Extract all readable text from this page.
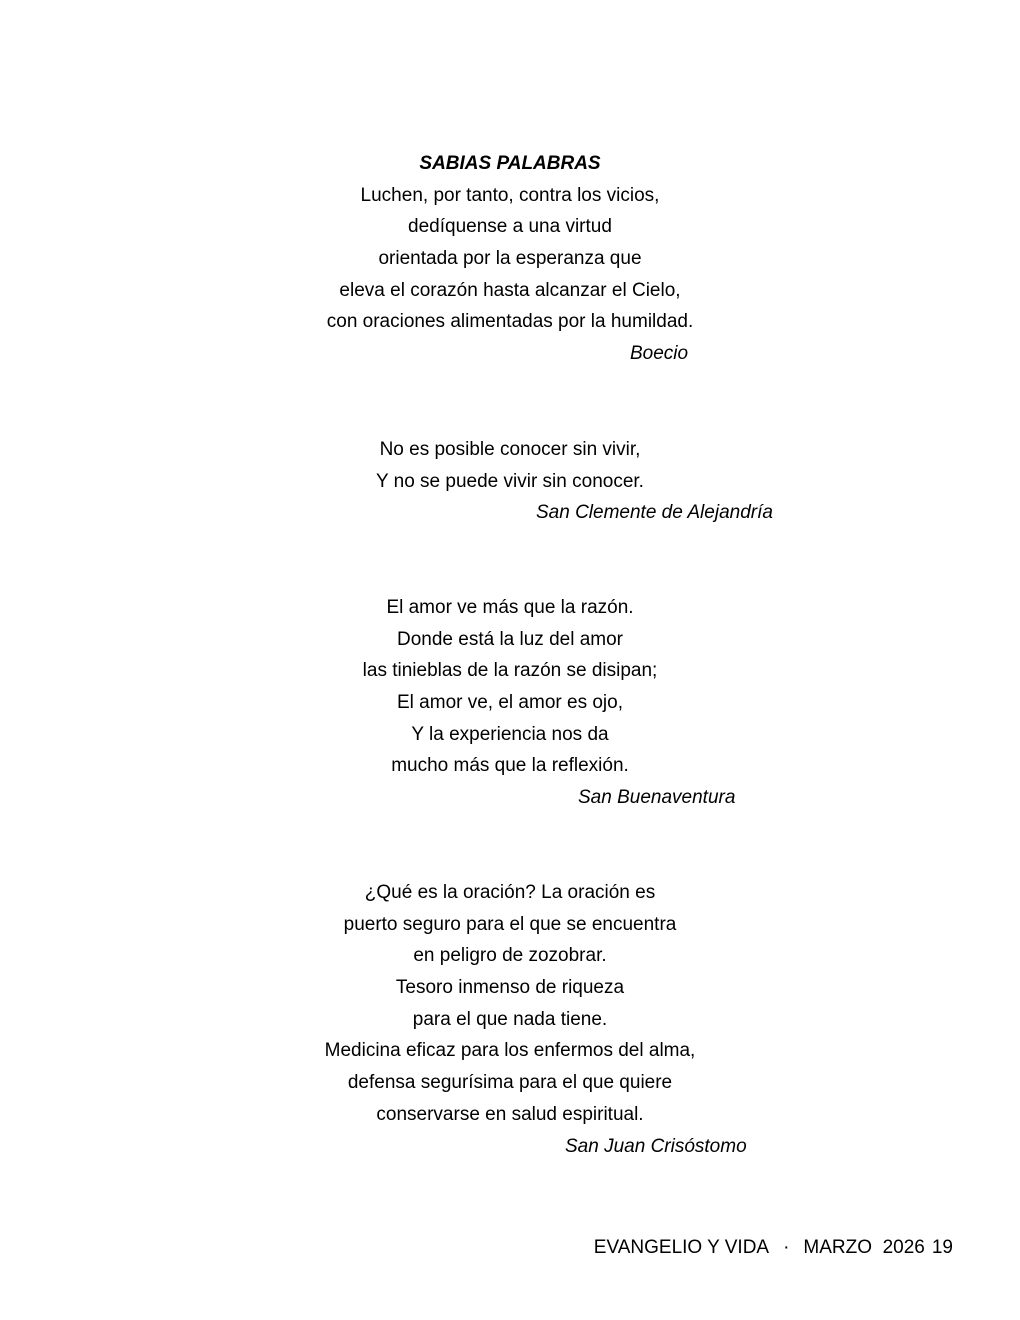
SABIAS PALABRAS
Luchen, por tanto, contra los vicios,
dedíquense a una virtud
orientada por la esperanza que
eleva el corazón hasta alcanzar el Cielo,
con oraciones alimentadas por la humildad.
Boecio
No es posible conocer sin vivir,
Y no se puede vivir sin conocer.
San Clemente de Alejandría
El amor ve más que la razón.
Donde está la luz del amor
las tinieblas de la razón se disipan;
El amor ve, el amor es ojo,
Y la experiencia nos da
mucho más que la reflexión.
San Buenaventura
¿Qué es la oración? La oración es
puerto seguro para el que se encuentra
en peligro de zozobrar.
Tesoro inmenso de riqueza
para el que nada tiene.
Medicina eficaz para los enfermos del alma,
defensa segurísima para el que quiere
conservarse en salud espiritual.
San Juan Crisóstomo
EVANGELIO Y VIDA · MARZO  2026 19
